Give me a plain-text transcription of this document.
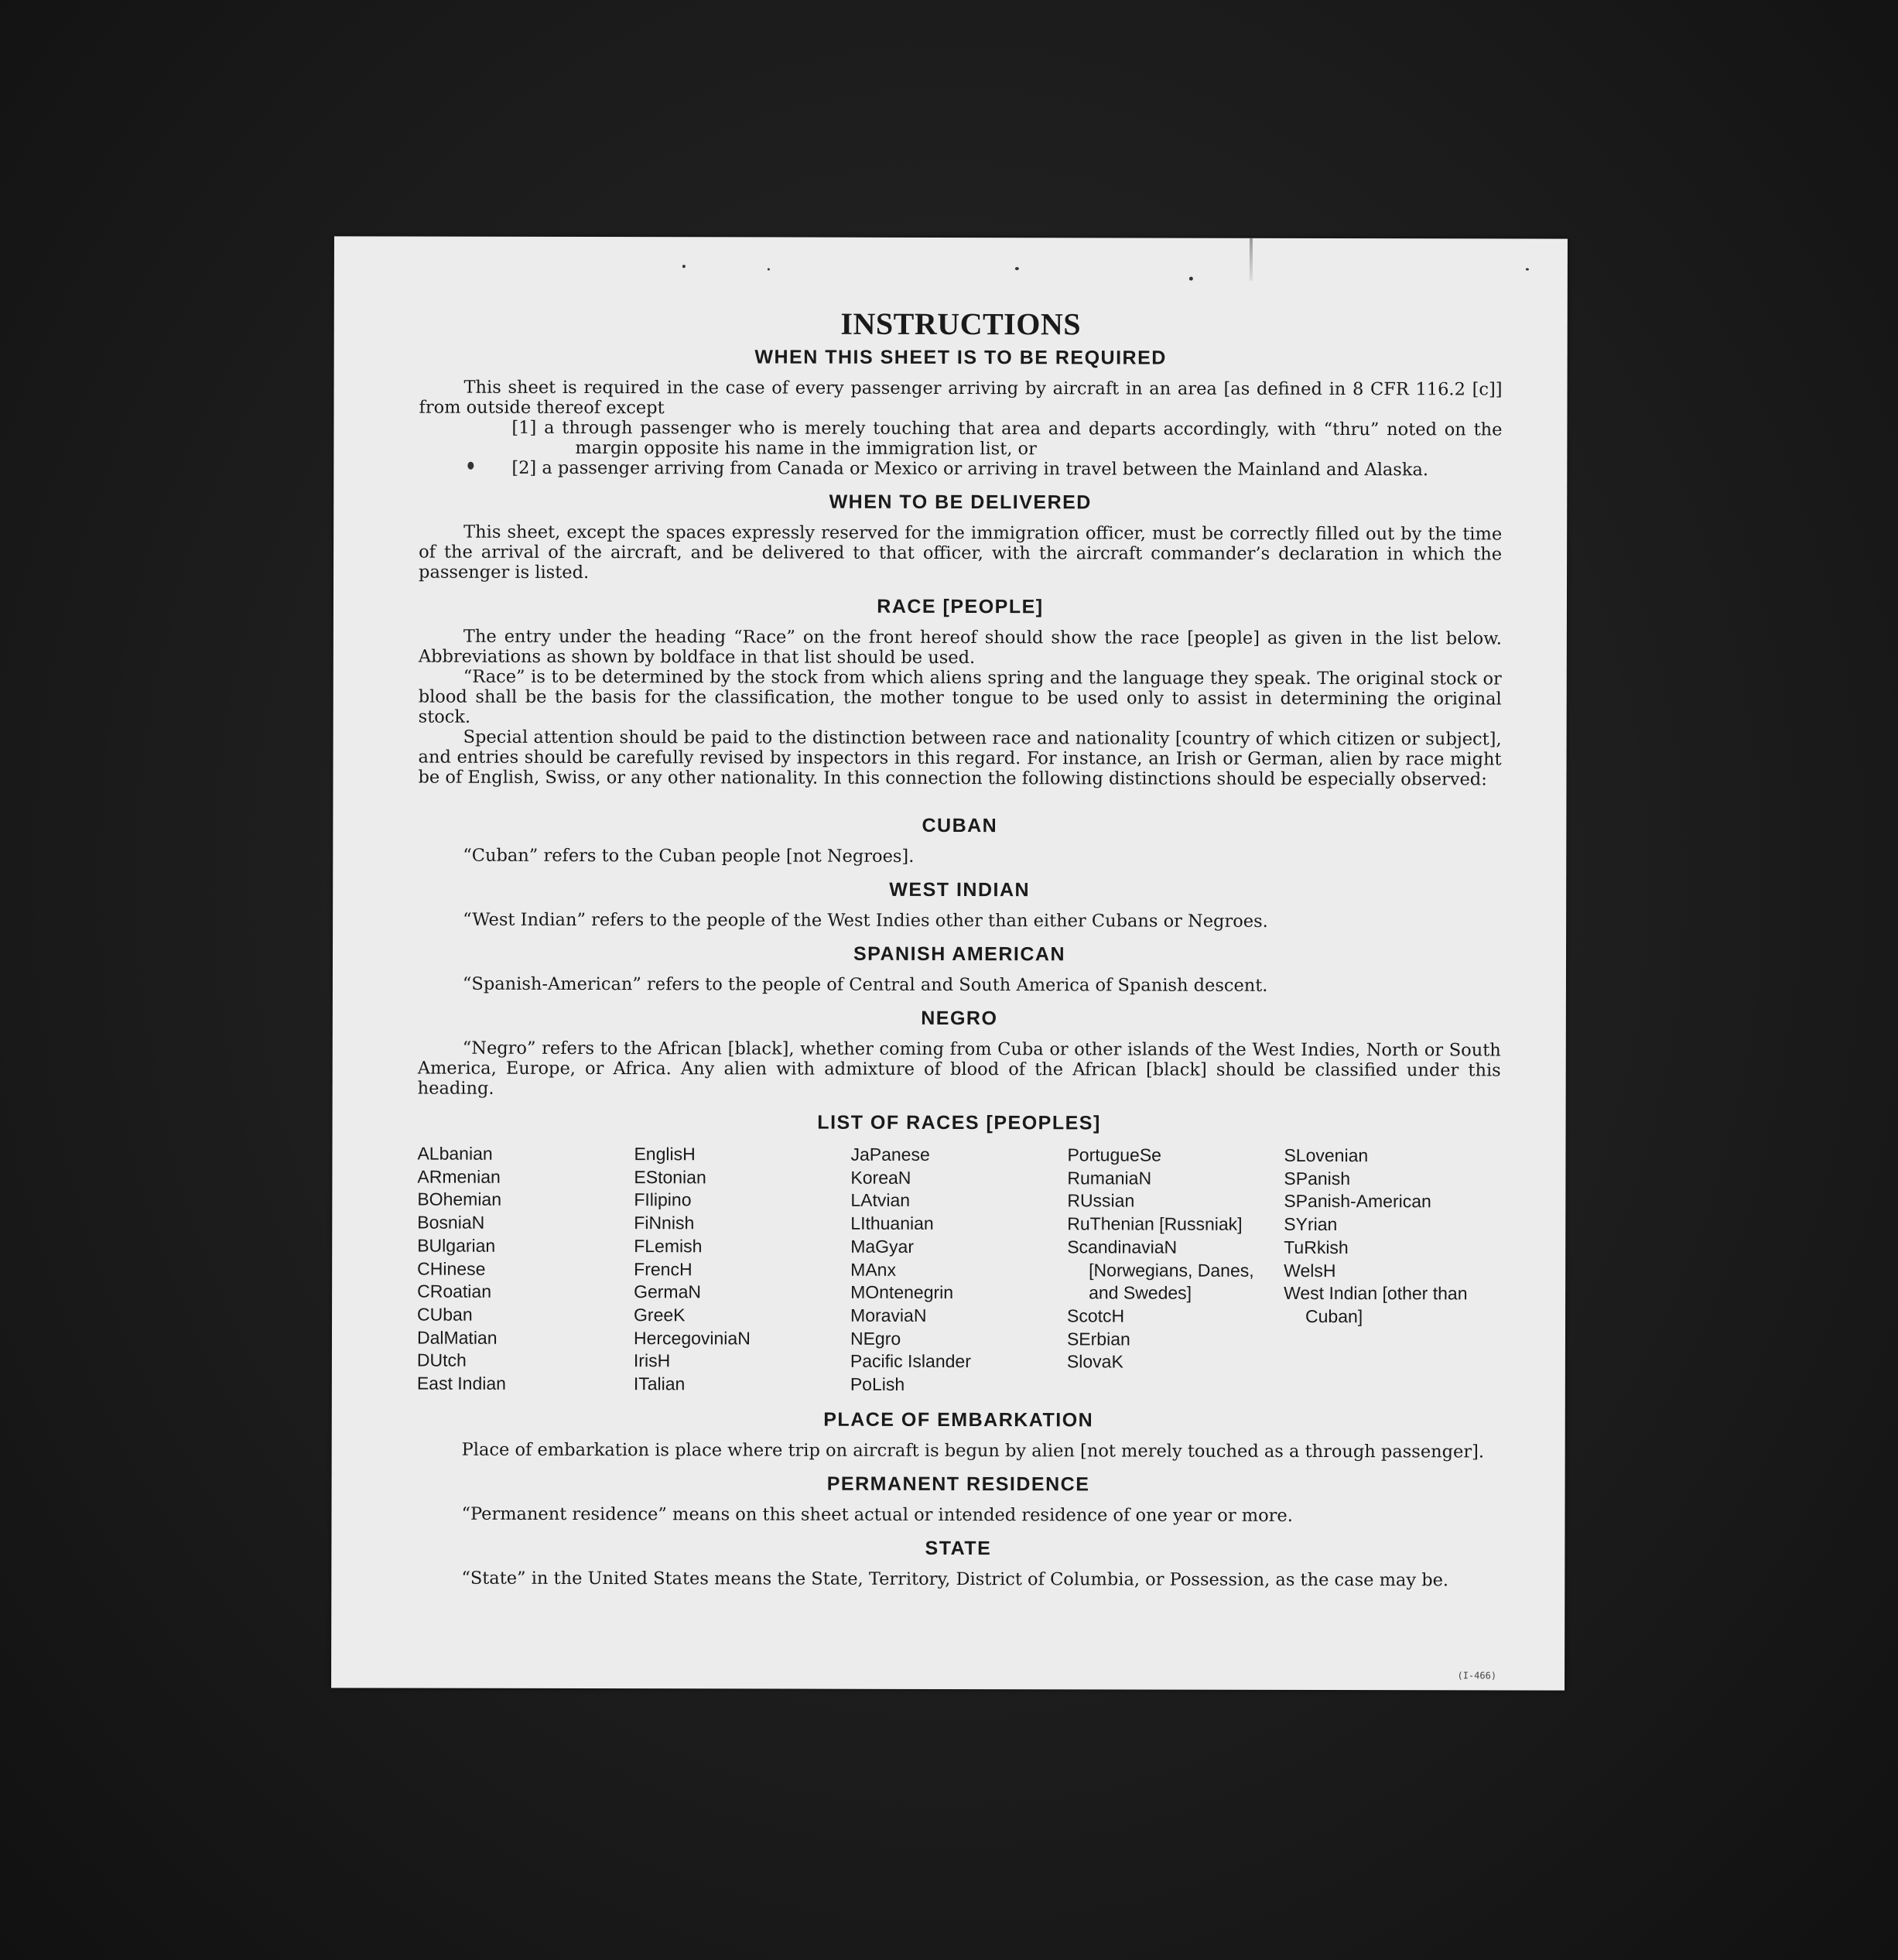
INSTRUCTIONS
WHEN THIS SHEET IS TO BE REQUIRED

This sheet is required in the case of every passenger arriving by aircraft in an area [as defined in 8 CFR 116.2 [c]] from outside thereof except

[1] a through passenger who is merely touching that area and departs accordingly, with “thru” noted on the margin opposite his name in the immigration list, or

[2] a passenger arriving from Canada or Mexico or arriving in travel between the Mainland and Alaska.

WHEN TO BE DELIVERED

This sheet, except the spaces expressly reserved for the immigration officer, must be correctly filled out by the time of the arrival of the aircraft, and be delivered to that officer, with the aircraft commander’s declaration in which the passenger is listed.

RACE [PEOPLE]

The entry under the heading “Race” on the front hereof should show the race [people] as given in the list below. Abbreviations as shown by boldface in that list should be used.

“Race” is to be determined by the stock from which aliens spring and the language they speak. The original stock or blood shall be the basis for the classification, the mother tongue to be used only to assist in determining the original stock.

Special attention should be paid to the distinction between race and nationality [country of which citizen or subject], and entries should be carefully revised by inspectors in this regard. For instance, an Irish or German, alien by race might be of English, Swiss, or any other nationality. In this connection the following distinctions should be especially observed:

CUBAN

“Cuban” refers to the Cuban people [not Negroes].

WEST INDIAN

“West Indian” refers to the people of the West Indies other than either Cubans or Negroes.

SPANISH AMERICAN

“Spanish-American” refers to the people of Central and South America of Spanish descent.

NEGRO

“Negro” refers to the African [black], whether coming from Cuba or other islands of the West Indies, North or South America, Europe, or Africa. Any alien with admixture of blood of the African [black] should be classified under this heading.

LIST OF RACES [PEOPLES]
ALbanian
ARmenian
BOhemian
BosniaN
BUlgarian
CHinese
CRoatian
CUban
DalMatian
DUtch
East Indian
EnglisH
EStonian
FIlipino
FiNnish
FLemish
FrencH
GermaN
GreeK
HercegoviniaN
IrisH
ITalian
JaPanese
KoreaN
LAtvian
LIthuanian
MaGyar
MAnx
MOntenegrin
MoraviaN
NEgro
Pacific Islander
PoLish
PortugueSe
RumaniaN
RUssian
RuThenian [Russniak]
ScandinaviaN [Norwegians, Danes, and Swedes]
ScotcH
SErbian
SlovaK
SLovenian
SPanish
SPanish-American
SYrian
TuRkish
WelsH
West Indian [other than Cuban]
PLACE OF EMBARKATION

Place of embarkation is place where trip on aircraft is begun by alien [not merely touched as a through passenger].

PERMANENT RESIDENCE

“Permanent residence” means on this sheet actual or intended residence of one year or more.

STATE

“State” in the United States means the State, Territory, District of Columbia, or Possession, as the case may be.

(I-466)
